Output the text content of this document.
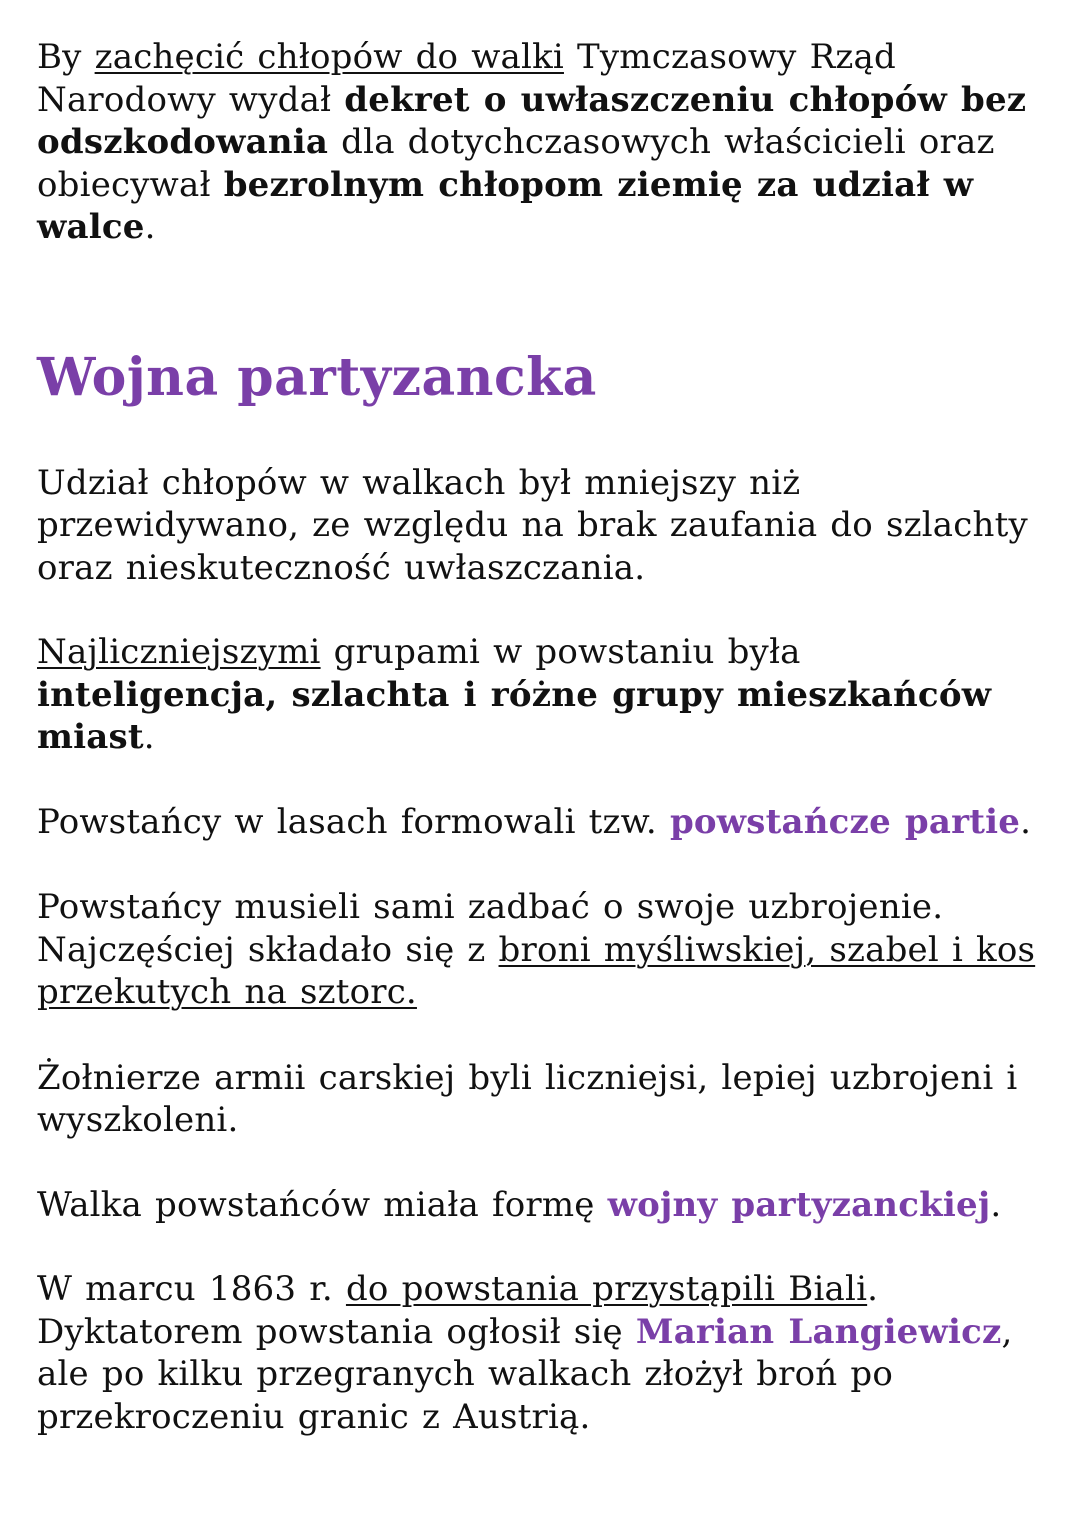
By zachęcić chłopów do walki Tymczasowy Rząd Narodowy wydał dekret o uwłaszczeniu chłopów bez odszkodowania dla dotychczasowych właścicieli oraz obiecywał bezrolnym chłopom ziemię za udział w walce.

Wojna partyzancka

Udział chłopów w walkach był mniejszy niż przewidywano, ze względu na brak zaufania do szlachty oraz nieskuteczność uwłaszczania.

Najliczniejszymi grupami w powstaniu była inteligencja, szlachta i różne grupy mieszkańców miast.

Powstańcy w lasach formowali tzw. powstańcze partie.

Powstańcy musieli sami zadbać o swoje uzbrojenie. Najczęściej składało się z broni myśliwskiej, szabel i kos przekutych na sztorc.

Żołnierze armii carskiej byli liczniejsi, lepiej uzbrojeni i wyszkoleni.

Walka powstańców miała formę wojny partyzanckiej.

W marcu 1863 r. do powstania przystąpili Biali. Dyktatorem powstania ogłosił się Marian Langiewicz, ale po kilku przegranych walkach złożył broń po przekroczeniu granic z Austrią.
